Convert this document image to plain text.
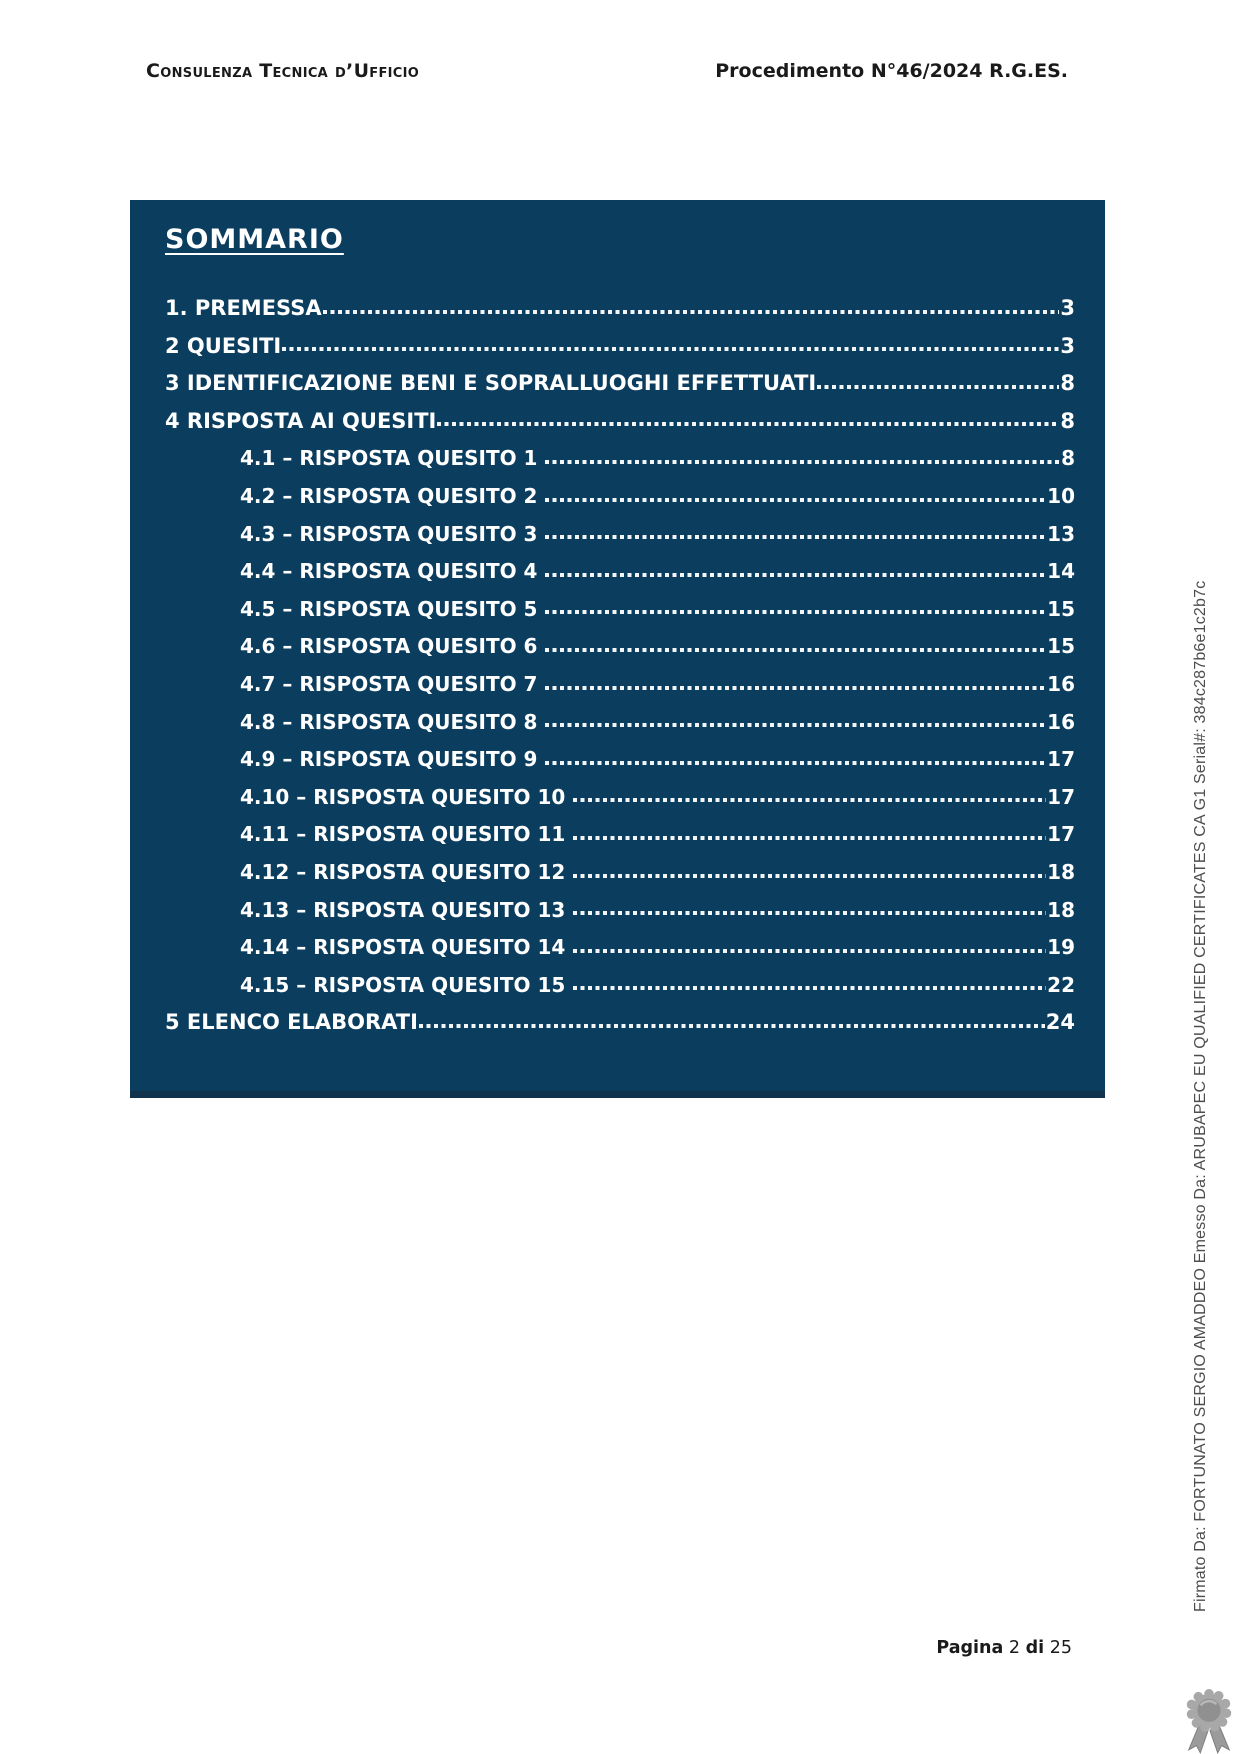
Consulenza Tecnica d’Ufficio	Procedimento N°46/2024 R.G.ES.
SOMMARIO
1. PREMESSA	3
2 QUESITI	3
3 IDENTIFICAZIONE BENI E SOPRALLUOGHI EFFETTUATI	8
4 RISPOSTA AI QUESITI	8
4.1 – RISPOSTA QUESITO 1	8
4.2 – RISPOSTA QUESITO 2	10
4.3 – RISPOSTA QUESITO 3	13
4.4 – RISPOSTA QUESITO 4	14
4.5 – RISPOSTA QUESITO 5	15
4.6 – RISPOSTA QUESITO 6	15
4.7 – RISPOSTA QUESITO 7	16
4.8 – RISPOSTA QUESITO 8	16
4.9 – RISPOSTA QUESITO 9	17
4.10 – RISPOSTA QUESITO 10	17
4.11 – RISPOSTA QUESITO 11	17
4.12 – RISPOSTA QUESITO 12	18
4.13 – RISPOSTA QUESITO 13	18
4.14 – RISPOSTA QUESITO 14	19
4.15 – RISPOSTA QUESITO 15	22
5 ELENCO ELABORATI	24	Firmato Da: FORTUNATO SERGIO AMADDEO Emesso Da: ARUBAPEC EU QUALIFIED CERTIFICATES CA G1 Serial#: 384c287b6e1c2b7c
Pagina 2 di 25
